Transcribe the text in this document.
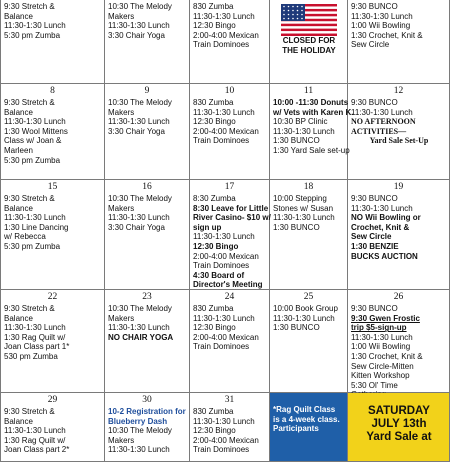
9:30 Stretch &
Balance
11:30-1:30 Lunch
5:30 pm Zumba
10:30 The Melody
Makers
11:30-1:30 Lunch
3:30 Chair Yoga
830 Zumba
11:30-1:30 Lunch
12:30 Bingo
2:00-4:00 Mexican
Train Dominoes	CLOSED FOR
THE HOLIDAY
9:30 BUNCO
11:30-1:30 Lunch
1:00 Wii Bowling
1:30 Crochet, Knit &
Sew Circle
8
9:30 Stretch &
Balance
11:30-1:30 Lunch
1:30 Wool Mittens
Class w/ Joan &
Marleen
5:30 pm Zumba
9
10:30 The Melody
Makers
11:30-1:30 Lunch
3:30 Chair Yoga
10
830 Zumba
11:30-1:30 Lunch
12:30 Bingo
2:00-4:00 Mexican
Train Dominoes
11
10:00 -11:30 Donuts
w/ Vets with Karen K.
10:30 BP Clinic
11:30-1:30 Lunch
1:30 BUNCO
1:30 Yard Sale set-up
12
9:30 BUNCO
11:30-1:30 Lunch
NO AFTERNOON
ACTIVITIES—
Yard Sale Set-Up
15
9:30 Stretch &
Balance
11:30-1:30 Lunch
1:30 Line Dancing
w/ Rebecca
5:30 pm Zumba
16
10:30 The Melody
Makers
11:30-1:30 Lunch
3:30 Chair Yoga
17
8:30 Zumba
8:30 Leave for Little
River Casino- $10 w/
sign up
11:30-1:30 Lunch
12:30 Bingo
2:00-4:00 Mexican
Train Dominoes
4:30 Board of
Director's Meeting
18
10:00 Stepping
Stones w/ Susan
11:30-1:30 Lunch
1:30 BUNCO
19
9:30 BUNCO
11:30-1:30 Lunch
NO Wii Bowling or
Crochet, Knit &
Sew Circle
1:30 BENZIE
BUCKS AUCTION
22
9:30 Stretch &
Balance
11:30-1:30 Lunch
1:30 Rag Quilt w/
Joan Class part 1*
530 pm Zumba
23
10:30 The Melody
Makers
11:30-1:30 Lunch
NO CHAIR YOGA
24
830 Zumba
11:30-1:30 Lunch
12:30 Bingo
2:00-4:00 Mexican
Train Dominoes
25
10:00 Book Group
11:30-1:30 Lunch
1:30 BUNCO
26
9:30 BUNCO
9:30 Gwen Frostic
trip $5-sign-up
11:30-1:30 Lunch
1:00 Wii Bowling
1:30 Crochet, Knit &
Sew Circle-Mitten
Kitten Workshop
5:30 Ol' Time
29
9:30 Stretch &
Balance
11:30-1:30 Lunch
1:30 Rag Quilt w/
Joan Class part 2*
30
10-2 Registration for
Blueberry Dash
10:30 The Melody
Makers
11:30-1:30 Lunch
31
830 Zumba
11:30-1:30 Lunch
12:30 Bingo
2:00-4:00 Mexican
Train Dominoes
*Rag Quilt Class
is a 4-week class.
Participants
SATURDAY
JULY 13th
Yard Sale at
